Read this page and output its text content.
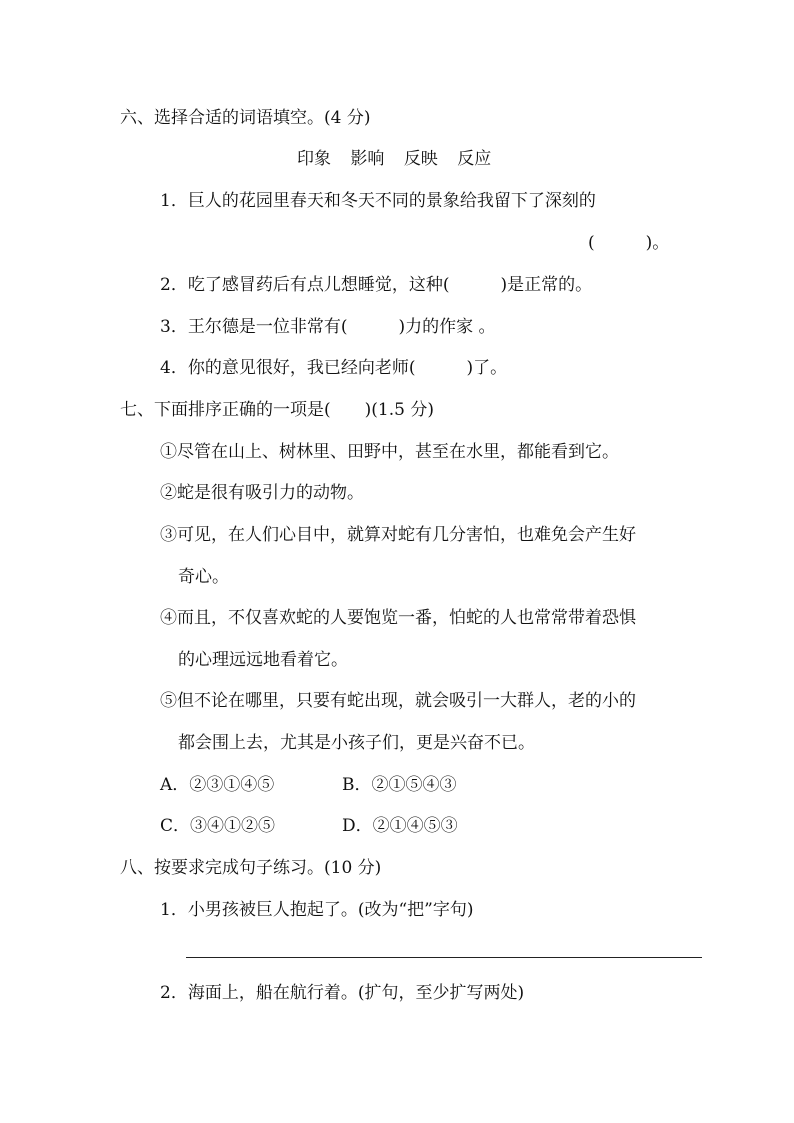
六、选择合适的词语填空。(4 分)
印象 影响 反映 反应
1．巨人的花园里春天和冬天不同的景象给我留下了深刻的
(　　　)。
2．吃了感冒药后有点儿想睡觉，这种(　　　)是正常的。
3．王尔德是一位非常有(　　　)力的作家 。
4．你的意见很好，我已经向老师(　　　)了。
七、下面排序正确的一项是(　　)(1.5 分)
①尽管在山上、树林里、田野中，甚至在水里，都能看到它。
②蛇是很有吸引力的动物。
③可见，在人们心目中，就算对蛇有几分害怕，也难免会产生好
奇心。
④而且，不仅喜欢蛇的人要饱览一番，怕蛇的人也常常带着恐惧
的心理远远地看着它。
⑤但不论在哪里，只要有蛇出现，就会吸引一大群人，老的小的
都会围上去，尤其是小孩子们，更是兴奋不已。
A．②③①④⑤	B．②①⑤④③
C．③④①②⑤	D．②①④⑤③
八、按要求完成句子练习。(10 分)
1．小男孩被巨人抱起了。(改为“把”字句)
2．海面上，船在航行着。(扩句，至少扩写两处)
